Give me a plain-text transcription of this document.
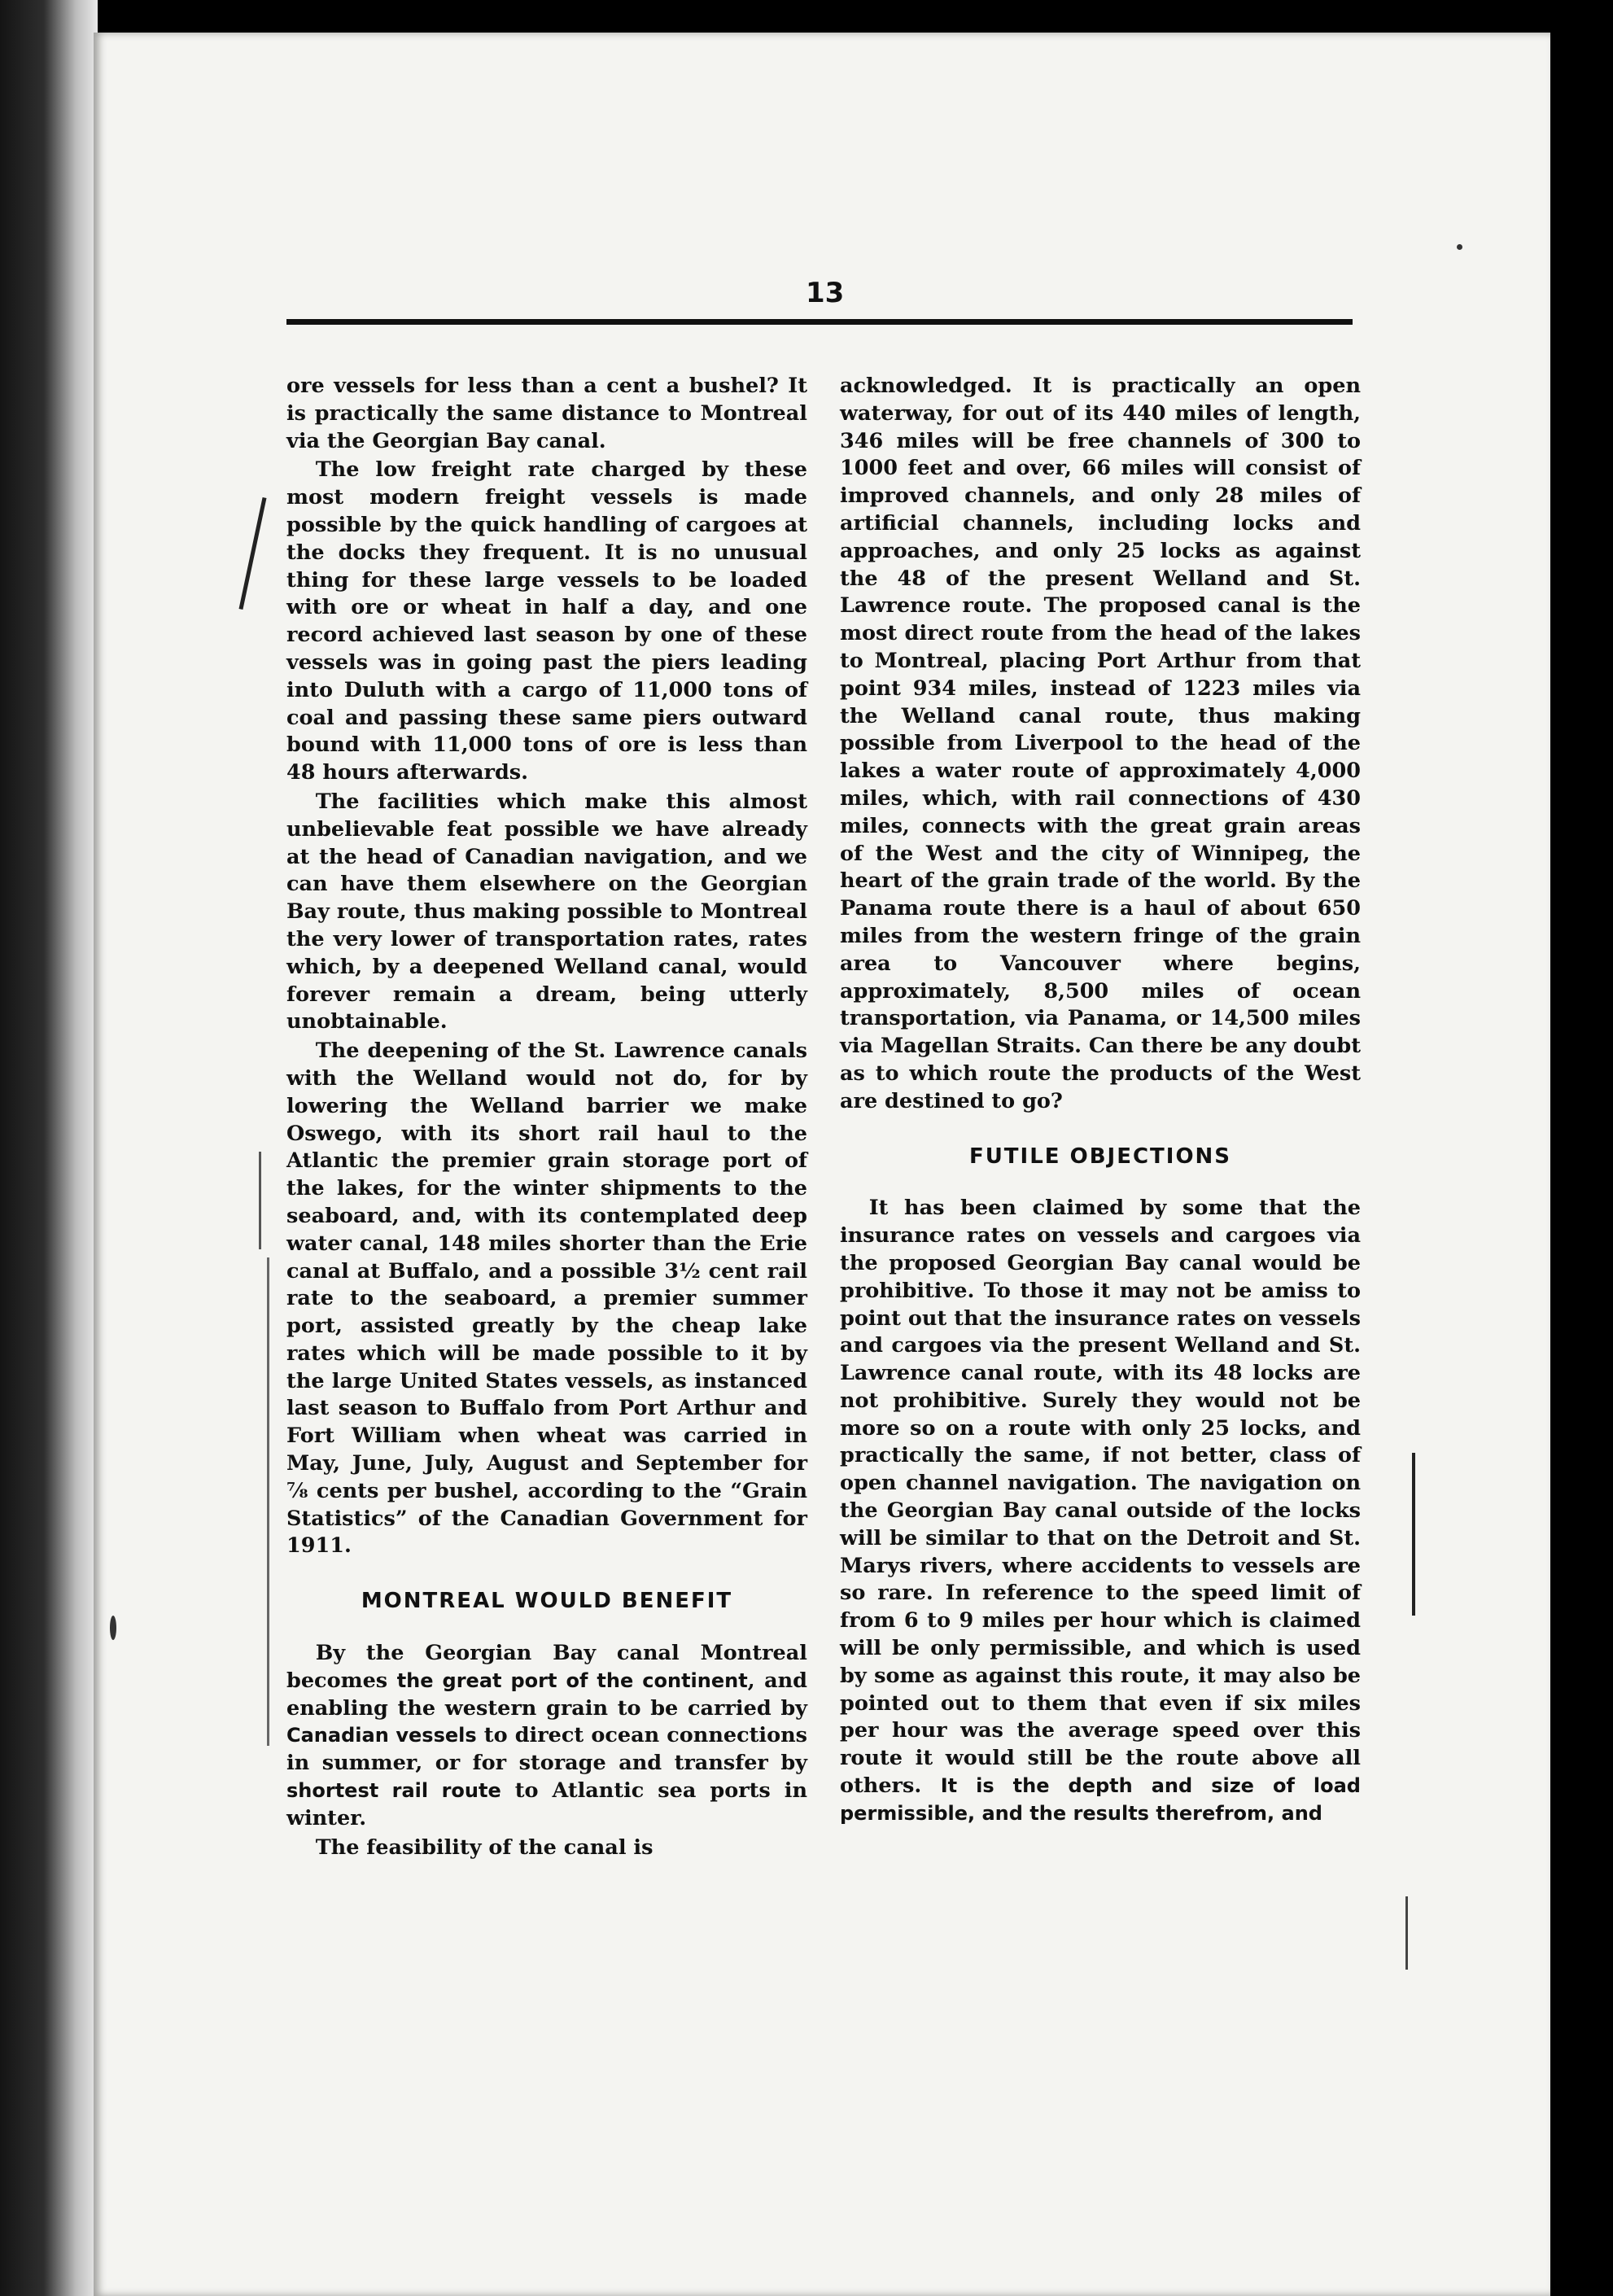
13

ore vessels for less than a cent a bushel? It is practically the same distance to Montreal via the Georgian Bay canal.

The low freight rate charged by these most modern freight vessels is made possible by the quick handling of cargoes at the docks they frequent. It is no unusual thing for these large vessels to be loaded with ore or wheat in half a day, and one record achieved last season by one of these vessels was in going past the piers leading into Duluth with a cargo of 11,000 tons of coal and passing these same piers outward bound with 11,000 tons of ore is less than 48 hours afterwards.

The facilities which make this almost unbelievable feat possible we have already at the head of Canadian navigation, and we can have them elsewhere on the Georgian Bay route, thus making possible to Montreal the very lower of transportation rates, rates which, by a deepened Welland canal, would forever remain a dream, being utterly unobtainable.

The deepening of the St. Lawrence canals with the Welland would not do, for by lowering the Welland barrier we make Oswego, with its short rail haul to the Atlantic the premier grain storage port of the lakes, for the winter shipments to the seaboard, and, with its contemplated deep water canal, 148 miles shorter than the Erie canal at Buffalo, and a possible 3½ cent rail rate to the seaboard, a premier summer port, assisted greatly by the cheap lake rates which will be made possible to it by the large United States vessels, as instanced last season to Buffalo from Port Arthur and Fort William when wheat was carried in May, June, July, August and September for ⅞ cents per bushel, according to the “Grain Statistics” of the Canadian Government for 1911.

MONTREAL WOULD BENEFIT

By the Georgian Bay canal Montreal becomes the great port of the continent, and enabling the western grain to be carried by Canadian vessels to direct ocean connections in summer, or for storage and transfer by shortest rail route to Atlantic sea ports in winter.

The feasibility of the canal is

acknowledged. It is practically an open waterway, for out of its 440 miles of length, 346 miles will be free channels of 300 to 1000 feet and over, 66 miles will consist of improved channels, and only 28 miles of artificial channels, including locks and approaches, and only 25 locks as against the 48 of the present Welland and St. Lawrence route. The proposed canal is the most direct route from the head of the lakes to Montreal, placing Port Arthur from that point 934 miles, instead of 1223 miles via the Welland canal route, thus making possible from Liverpool to the head of the lakes a water route of approximately 4,000 miles, which, with rail connections of 430 miles, connects with the great grain areas of the West and the city of Winnipeg, the heart of the grain trade of the world. By the Panama route there is a haul of about 650 miles from the western fringe of the grain area to Vancouver where begins, approximately, 8,500 miles of ocean transportation, via Panama, or 14,500 miles via Magellan Straits. Can there be any doubt as to which route the products of the West are destined to go?

FUTILE OBJECTIONS

It has been claimed by some that the insurance rates on vessels and cargoes via the proposed Georgian Bay canal would be prohibitive. To those it may not be amiss to point out that the insurance rates on vessels and cargoes via the present Welland and St. Lawrence canal route, with its 48 locks are not prohibitive. Surely they would not be more so on a route with only 25 locks, and practically the same, if not better, class of open channel navigation. The navigation on the Georgian Bay canal outside of the locks will be similar to that on the Detroit and St. Marys rivers, where accidents to vessels are so rare. In reference to the speed limit of from 6 to 9 miles per hour which is claimed will be only permissible, and which is used by some as against this route, it may also be pointed out to them that even if six miles per hour was the average speed over this route it would still be the route above all others. It is the depth and size of load permissible, and the results therefrom, and
